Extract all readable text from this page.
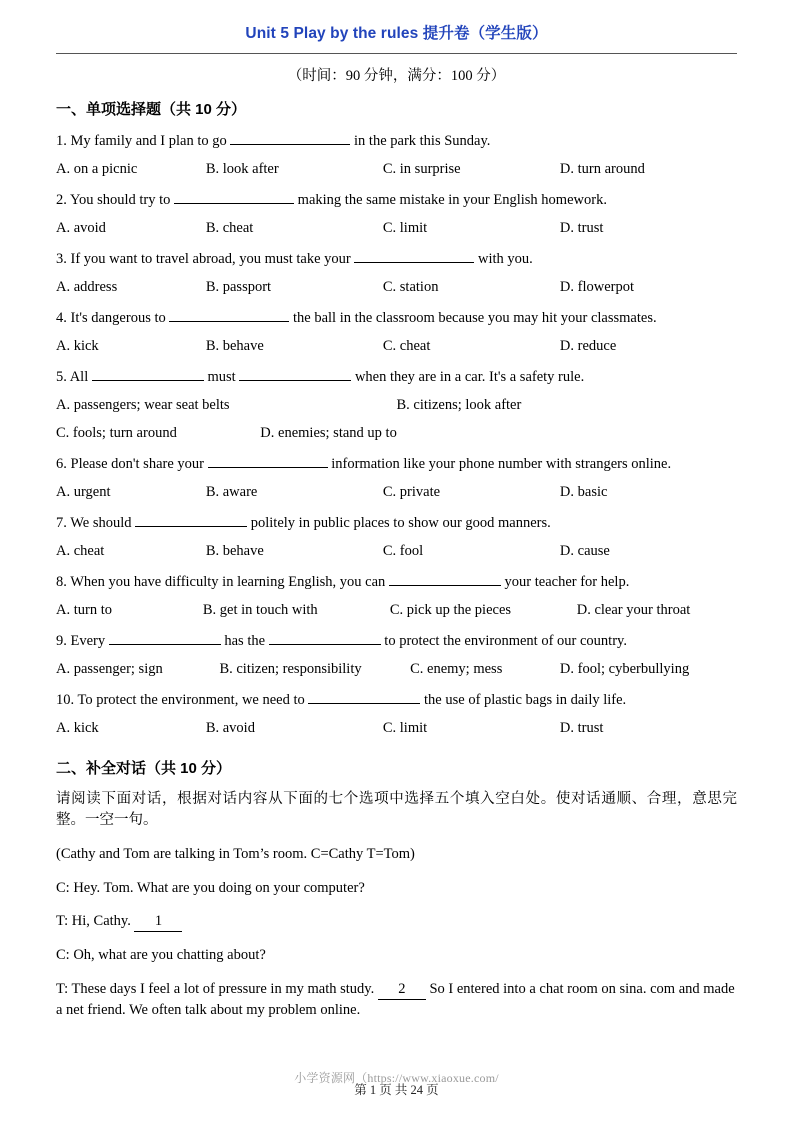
Unit 5 Play by the rules 提升卷（学生版）
（时间：90 分钟，满分：100 分）
一、单项选择题（共 10 分）
1. My family and I plan to go	in the park this Sunday.
A. on a picnic	B. look after	C. in surprise	D. turn around
2. You should try to	making the same mistake in your English homework.
A. avoid	B. cheat	C. limit	D. trust
3. If you want to travel abroad, you must take your	with you.
A. address	B. passport	C. station	D. flowerpot
4. It's dangerous to	the ball in the classroom because you may hit your classmates.
A. kick	B. behave	C. cheat	D. reduce
5. All	must	when they are in a car. It's a safety rule.
A. passengers; wear seat belts	B. citizens; look after
C. fools; turn around	D. enemies; stand up to
6. Please don't share your	information like your phone number with strangers online.
A. urgent	B. aware	C. private	D. basic
7. We should	politely in public places to show our good manners.
A. cheat	B. behave	C. fool	D. cause
8. When you have difficulty in learning English, you can	your teacher for help.
A. turn to	B. get in touch with	C. pick up the pieces	D. clear your throat
9. Every	has the	to protect the environment of our country.
A. passenger; sign	B. citizen; responsibility	C. enemy; mess	D. fool; cyberbullying
10. To protect the environment, we need to	the use of plastic bags in daily life.
A. kick	B. avoid	C. limit	D. trust
二、补全对话（共 10 分）
请阅读下面对话，根据对话内容从下面的七个选项中选择五个填入空白处。使对话通顺、合理，意思完整。一空一句。
(Cathy and Tom are talking in Tom’s room. C=Cathy T=Tom)
C: Hey. Tom. What are you doing on your computer?
T: Hi, Cathy. 1
C: Oh, what are you chatting about?
T: These days I feel a lot of pressure in my math study. 2 So I entered into a chat room on sina. com and made a net friend. We often talk about my problem online.
小学资源网（https://www.xiaoxue.com/
第 1 页 共 24 页
